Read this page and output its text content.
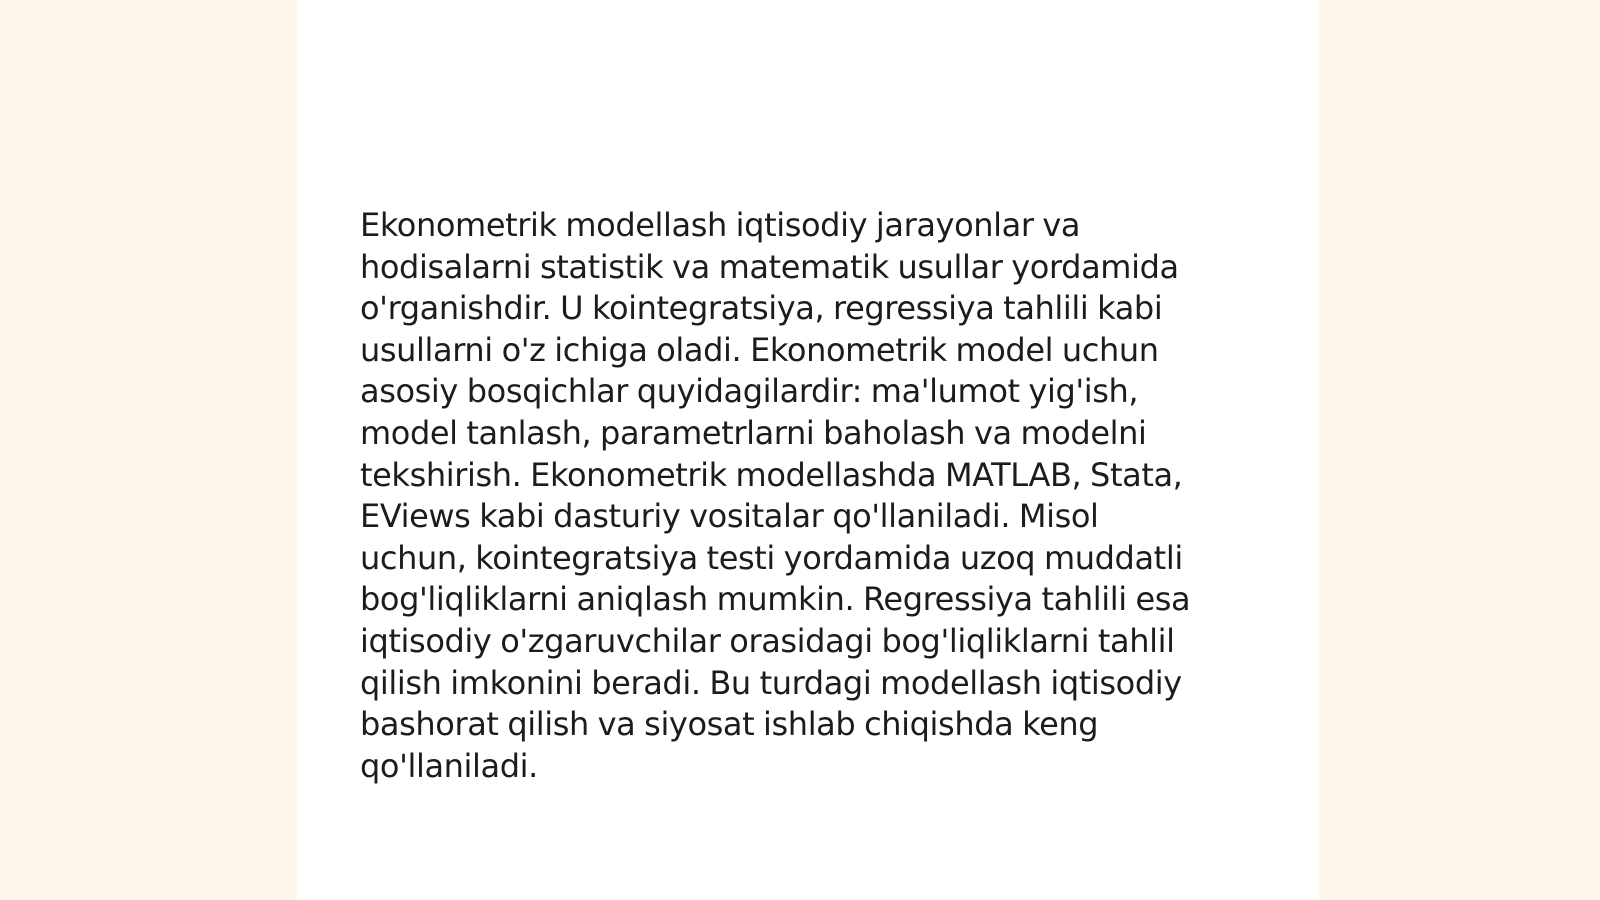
Ekonometrik modellash iqtisodiy jarayonlar va
hodisalarni statistik va matematik usullar yordamida
o'rganishdir. U kointegratsiya, regressiya tahlili kabi
usullarni o'z ichiga oladi. Ekonometrik model uchun
asosiy bosqichlar quyidagilardir: ma'lumot yig'ish,
model tanlash, parametrlarni baholash va modelni
tekshirish. Ekonometrik modellashda MATLAB, Stata,
EViews kabi dasturiy vositalar qo'llaniladi. Misol
uchun, kointegratsiya testi yordamida uzoq muddatli
bog'liqliklarni aniqlash mumkin. Regressiya tahlili esa
iqtisodiy o'zgaruvchilar orasidagi bog'liqliklarni tahlil
qilish imkonini beradi. Bu turdagi modellash iqtisodiy
bashorat qilish va siyosat ishlab chiqishda keng
qo'llaniladi.
